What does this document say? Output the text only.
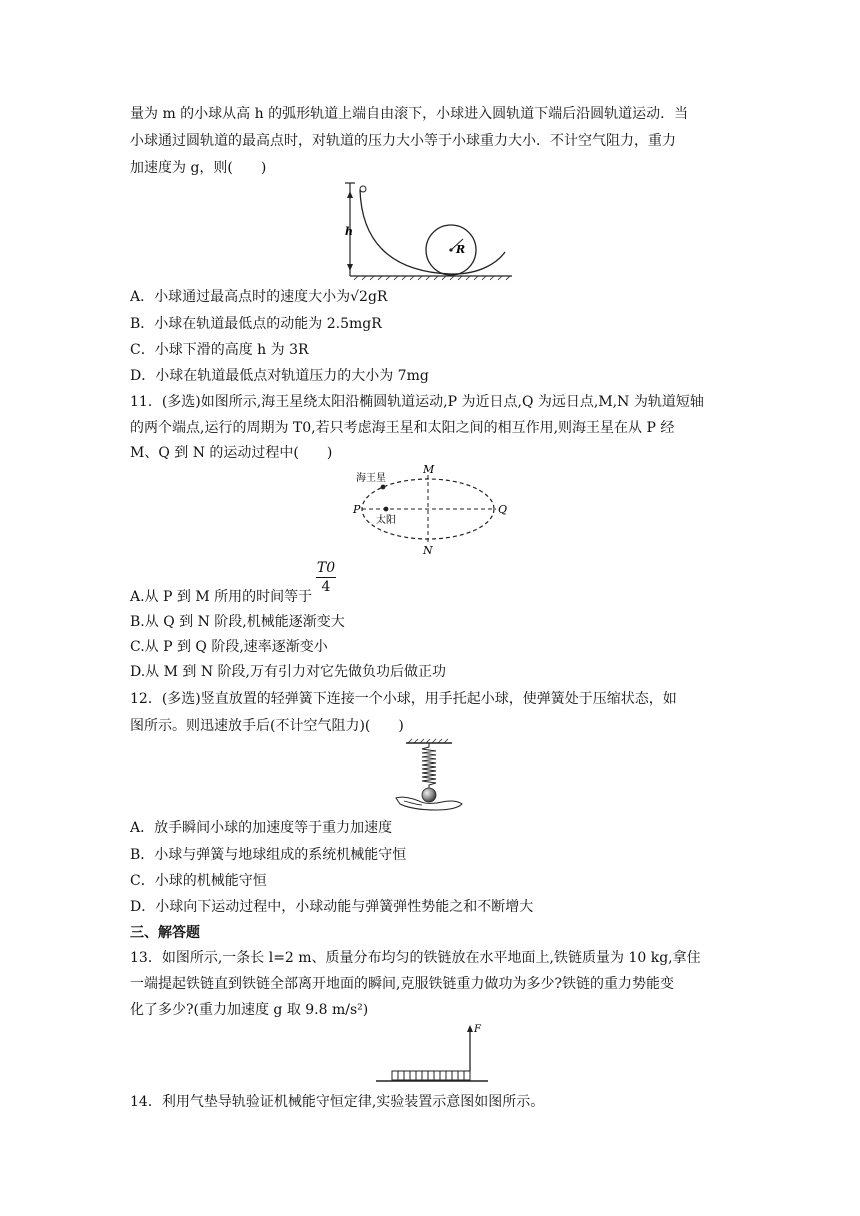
量为 m 的小球从高 h 的弧形轨道上端自由滚下，小球进入圆轨道下端后沿圆轨道运动．当
小球通过圆轨道的最高点时，对轨道的压力大小等于小球重力大小．不计空气阻力，重力
加速度为 g，则(　　)
h
R
A．小球通过最高点时的速度大小为√2gR
B．小球在轨道最低点的动能为 2.5mgR
C．小球下滑的高度 h 为 3R
D．小球在轨道最低点对轨道压力的大小为 7mg
11．(多选)如图所示,海王星绕太阳沿椭圆轨道运动,P 为近日点,Q 为远日点,M,N 为轨道短轴
的两个端点,运行的周期为 T0,若只考虑海王星和太阳之间的相互作用,则海王星在从 P 经
M、Q 到 N 的运动过程中(　　)
海王星
太阳
M
N
P	Q
T0
4
A.从 P 到 M 所用的时间等于
B.从 Q 到 N 阶段,机械能逐渐变大
C.从 P 到 Q 阶段,速率逐渐变小
D.从 M 到 N 阶段,万有引力对它先做负功后做正功
12．(多选)竖直放置的轻弹簧下连接一个小球，用手托起小球，使弹簧处于压缩状态，如
图所示。则迅速放手后(不计空气阻力)(　　)
A．放手瞬间小球的加速度等于重力加速度
B．小球与弹簧与地球组成的系统机械能守恒
C．小球的机械能守恒
D．小球向下运动过程中，小球动能与弹簧弹性势能之和不断增大
三、解答题
13．如图所示,一条长 l=2 m、质量分布均匀的铁链放在水平地面上,铁链质量为 10 kg,拿住
一端提起铁链直到铁链全部离开地面的瞬间,克服铁链重力做功为多少?铁链的重力势能变
化了多少?(重力加速度 g 取 9.8 m/s²)
F
14．利用气垫导轨验证机械能守恒定律,实验装置示意图如图所示。
